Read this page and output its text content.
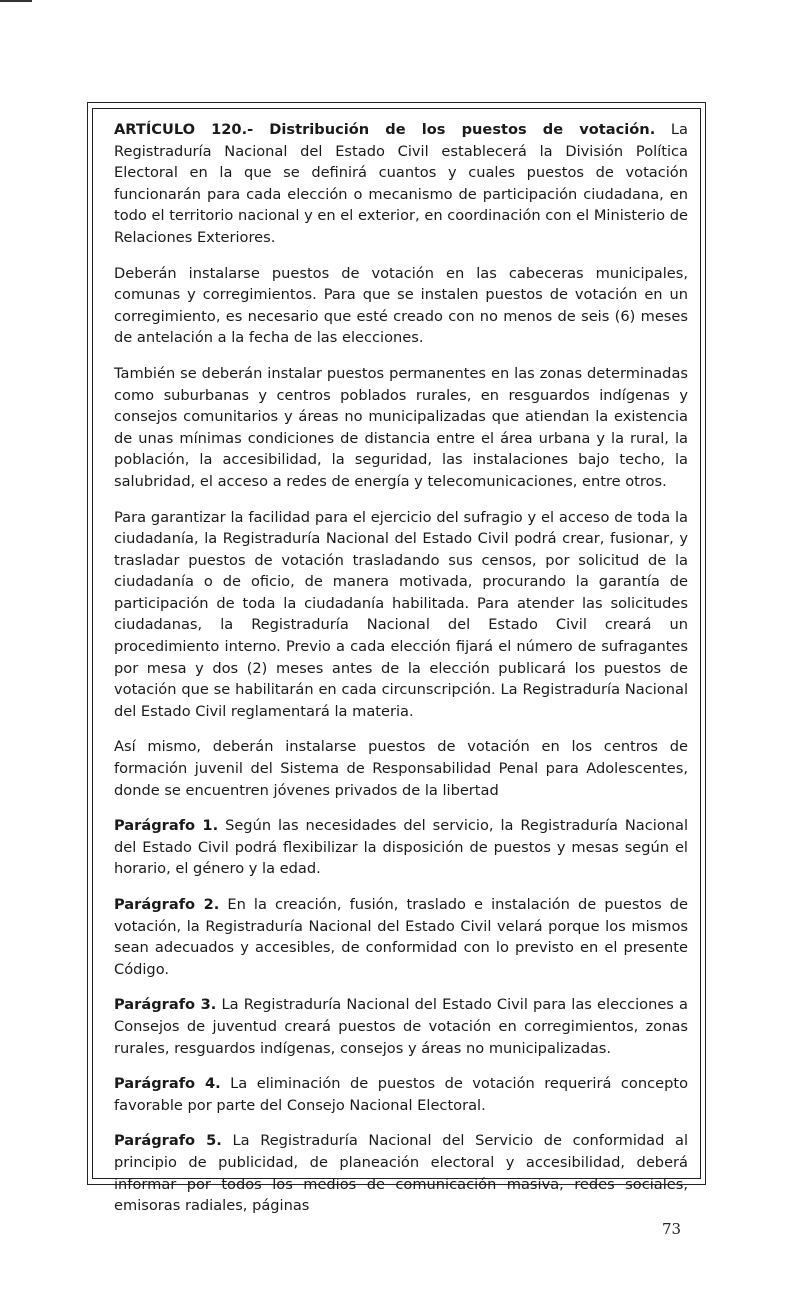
ARTÍCULO 120.- Distribución de los puestos de votación. La Registraduría Nacional del Estado Civil establecerá la División Política Electoral en la que se definirá cuantos y cuales puestos de votación funcionarán para cada elección o mecanismo de participación ciudadana, en todo el territorio nacional y en el exterior, en coordinación con el Ministerio de Relaciones Exteriores.

Deberán instalarse puestos de votación en las cabeceras municipales, comunas y corregimientos. Para que se instalen puestos de votación en un corregimiento, es necesario que esté creado con no menos de seis (6) meses de antelación a la fecha de las elecciones.

También se deberán instalar puestos permanentes en las zonas determinadas como suburbanas y centros poblados rurales, en resguardos indígenas y consejos comunitarios y áreas no municipalizadas que atiendan la existencia de unas mínimas condiciones de distancia entre el área urbana y la rural, la población, la accesibilidad, la seguridad, las instalaciones bajo techo, la salubridad, el acceso a redes de energía y telecomunicaciones, entre otros.

Para garantizar la facilidad para el ejercicio del sufragio y el acceso de toda la ciudadanía, la Registraduría Nacional del Estado Civil podrá crear, fusionar, y trasladar puestos de votación trasladando sus censos, por solicitud de la ciudadanía o de oficio, de manera motivada, procurando la garantía de participación de toda la ciudadanía habilitada. Para atender las solicitudes ciudadanas, la Registraduría Nacional del Estado Civil creará un procedimiento interno. Previo a cada elección fijará el número de sufragantes por mesa y dos (2) meses antes de la elección publicará los puestos de votación que se habilitarán en cada circunscripción. La Registraduría Nacional del Estado Civil reglamentará la materia.

Así mismo, deberán instalarse puestos de votación en los centros de formación juvenil del Sistema de Responsabilidad Penal para Adolescentes, donde se encuentren jóvenes privados de la libertad

Parágrafo 1. Según las necesidades del servicio, la Registraduría Nacional del Estado Civil podrá flexibilizar la disposición de puestos y mesas según el horario, el género y la edad.

Parágrafo 2. En la creación, fusión, traslado e instalación de puestos de votación, la Registraduría Nacional del Estado Civil velará porque los mismos sean adecuados y accesibles, de conformidad con lo previsto en el presente Código.

Parágrafo 3. La Registraduría Nacional del Estado Civil para las elecciones a Consejos de juventud creará puestos de votación en corregimientos, zonas rurales, resguardos indígenas, consejos y áreas no municipalizadas.

Parágrafo 4. La eliminación de puestos de votación requerirá concepto favorable por parte del Consejo Nacional Electoral.

Parágrafo 5. La Registraduría Nacional del Servicio de conformidad al principio de publicidad, de planeación electoral y accesibilidad, deberá informar por todos los medios de comunicación masiva, redes sociales, emisoras radiales, páginas

73
